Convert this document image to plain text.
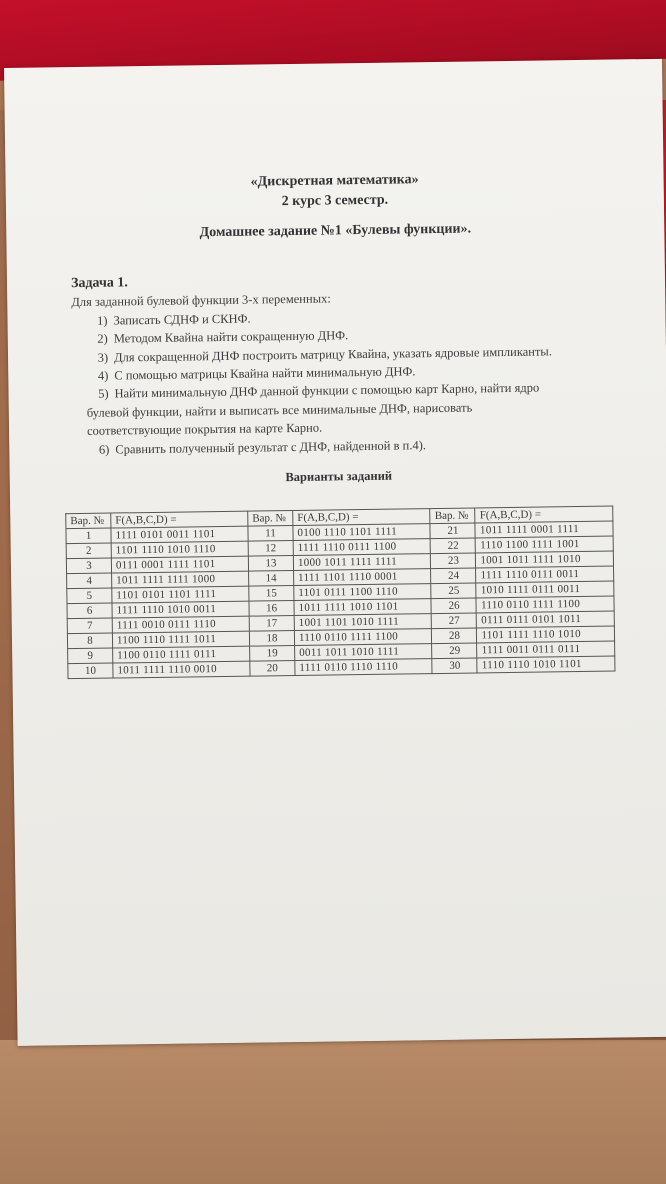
«Дискретная математика»
2 курс 3 семестр.
Домашнее задание №1 «Булевы функции».
Задача 1.
Для заданной булевой функции 3-х переменных:
1) Записать СДНФ и СКНФ.
2) Методом Квайна найти сокращенную ДНФ.
3) Для сокращенной ДНФ построить матрицу Квайна, указать ядровые импликанты.
4) С помощью матрицы Квайна найти минимальную ДНФ.
5) Найти минимальную ДНФ данной функции с помощью карт Карно, найти ядро
булевой функции, найти и выписать все минимальные ДНФ, нарисовать
соответствующие покрытия на карте Карно.
6) Сравнить полученный результат с ДНФ, найденной в п.4).
Варианты заданий
Вар. №	F(A,B,C,D) =	Вар. №	F(A,B,C,D) =	Вар. №	F(A,B,C,D) =
1	1111 0101 0011 1101	11	0100 1110 1101 1111	21	1011 1111 0001 1111
2	1101 1110 1010 1110	12	1111 1110 0111 1100	22	1110 1100 1111 1001
3	0111 0001 1111 1101	13	1000 1011 1111 1111	23	1001 1011 1111 1010
4	1011 1111 1111 1000	14	1111 1101 1110 0001	24	1111 1110 0111 0011
5	1101 0101 1101 1111	15	1101 0111 1100 1110	25	1010 1111 0111 0011
6	1111 1110 1010 0011	16	1011 1111 1010 1101	26	1110 0110 1111 1100
7	1111 0010 0111 1110	17	1001 1101 1010 1111	27	0111 0111 0101 1011
8	1100 1110 1111 1011	18	1110 0110 1111 1100	28	1101 1111 1110 1010
9	1100 0110 1111 0111	19	0011 1011 1010 1111	29	1111 0011 0111 0111
10	1011 1111 1110 0010	20	1111 0110 1110 1110	30	1110 1110 1010 1101
